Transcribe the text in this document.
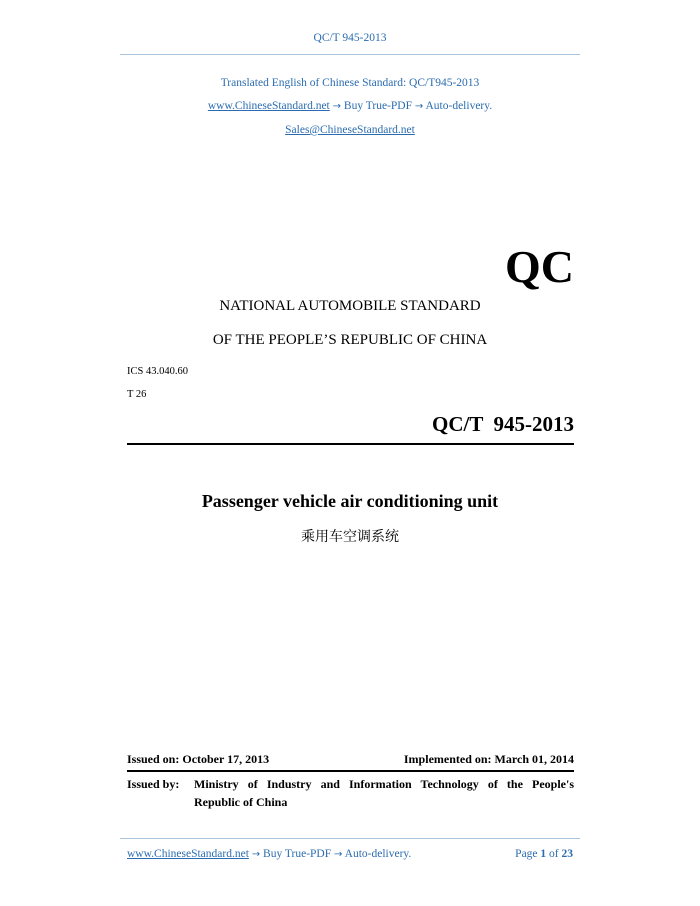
QC/T 945-2013
Translated English of Chinese Standard: QC/T945-2013
www.ChineseStandard.net → Buy True-PDF → Auto-delivery.
Sales@ChineseStandard.net
QC
NATIONAL AUTOMOBILE STANDARD
OF THE PEOPLE’S REPUBLIC OF CHINA
ICS 43.040.60
T 26
QC/T  945-2013
Passenger vehicle air conditioning unit
乘用车空调系统
Issued on: October 17, 2013	Implemented on: March 01, 2014
Issued by: Ministry of Industry and Information Technology of the People's
Republic of China
www.ChineseStandard.net → Buy True-PDF → Auto-delivery.	Page 1 of 23
